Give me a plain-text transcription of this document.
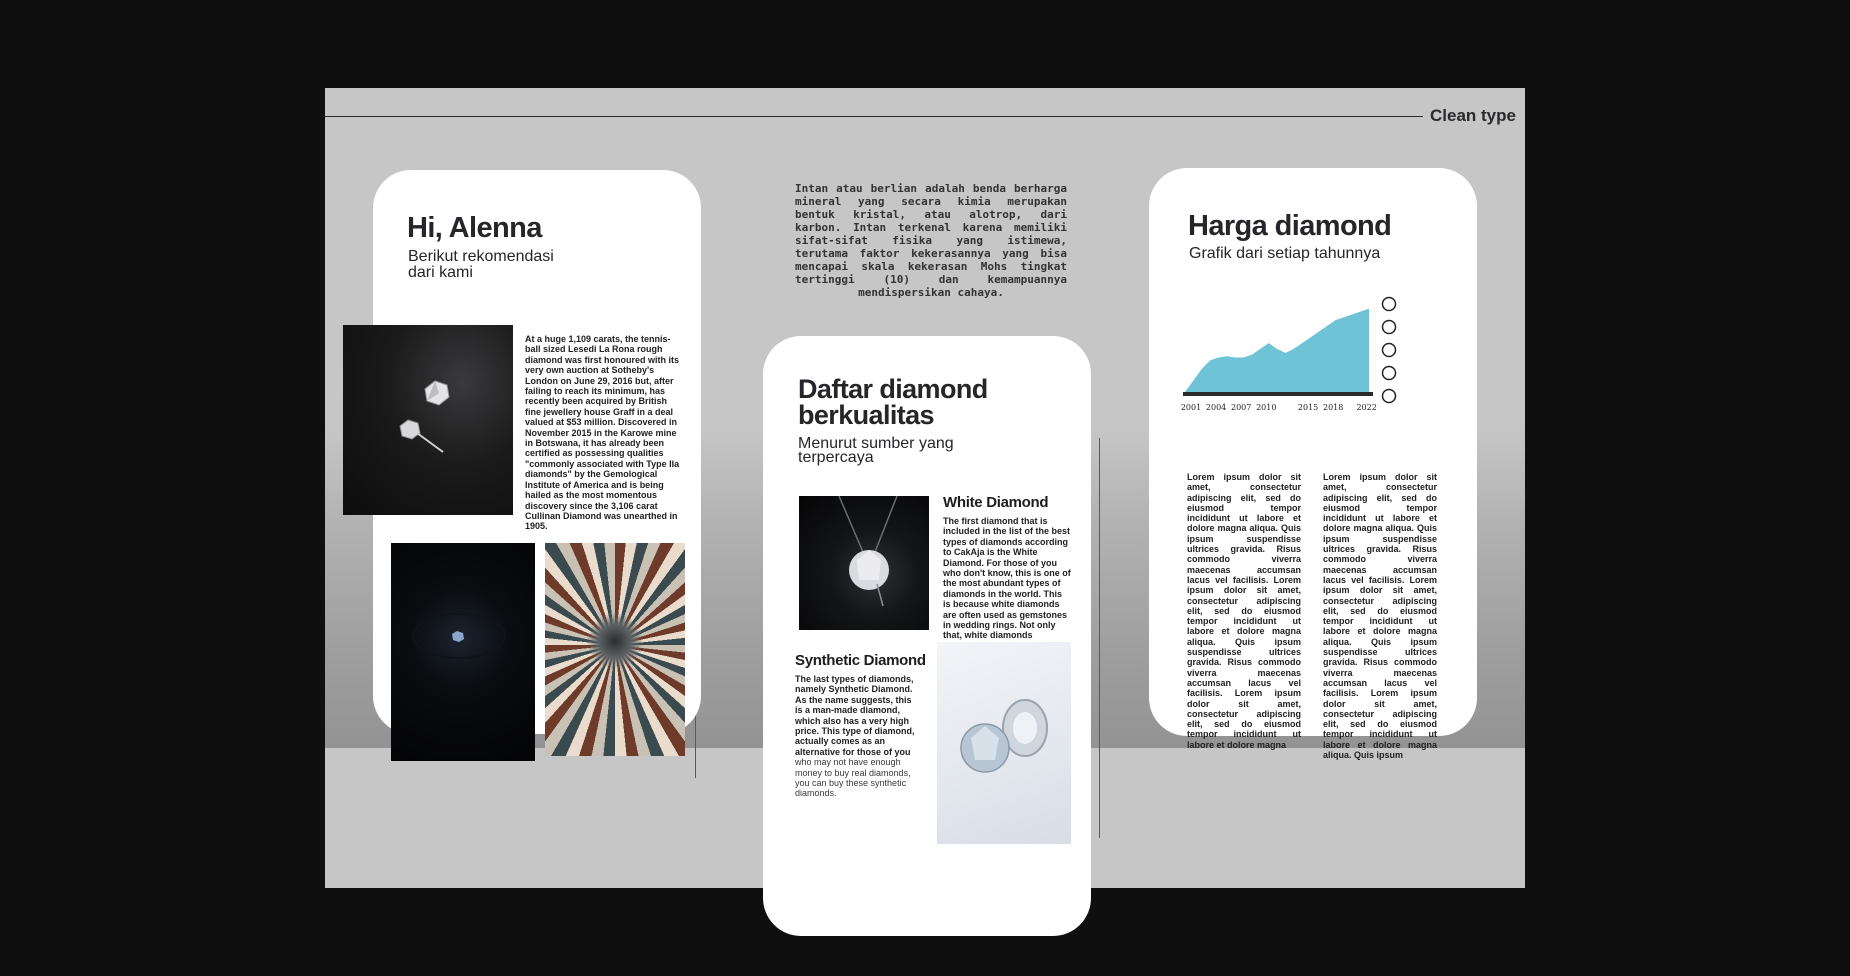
Clean type
Intan atau berlian adalah benda berharga mineral yang secara kimia merupakan bentuk kristal, atau alotrop, dari karbon. Intan terkenal karena memiliki sifat-sifat fisika yang istimewa, terutama faktor kekerasannya yang bisa mencapai skala kekerasan Mohs tingkat tertinggi (10) dan kemampuannya mendispersikan cahaya.
Hi, Alenna
Berikut rekomendasi
dari kami
At a huge 1,109 carats, the tennis-ball sized Lesedi La Rona rough diamond was first honoured with its very own auction at Sotheby's London on June 29, 2016 but, after failing to reach its minimum, has recently been acquired by British fine jewellery house Graff in a deal valued at $53 million. Discovered in November 2015 in the Karowe mine in Botswana, it has already been certified as possessing qualities "commonly associated with Type IIa diamonds" by the Gemological Institute of America and is being hailed as the most momentous discovery since the 3,106 carat Cullinan Diamond was unearthed in 1905.
Daftar diamond
berkualitas
Menurut sumber yang
terpercaya
White Diamond
The first diamond that is included in the list of the best types of diamonds according to CakAja is the White Diamond. For those of you who don't know, this is one of the most abundant types of diamonds in the world. This is because white diamonds are often used as gemstones in wedding rings. Not only that, white diamonds
Synthetic Diamond
The last types of diamonds, namely Synthetic Diamond. As the name suggests, this is a man-made diamond, which also has a very high price. This type of diamond, actually comes as an alternative for those of you who may not have enough money to buy real diamonds, you can buy these synthetic diamonds.
Harga diamond
Grafik dari setiap tahunnya
2001 2004 2007 2010	2015 2018 2022
Lorem ipsum dolor sit amet, consectetur adipiscing elit, sed do eiusmod tempor incididunt ut labore et dolore magna aliqua. Quis ipsum suspendisse ultrices gravida. Risus commodo viverra maecenas accumsan lacus vel facilisis. Lorem ipsum dolor sit amet, consectetur adipiscing elit, sed do eiusmod tempor incididunt ut labore et dolore magna aliqua. Quis ipsum suspendisse ultrices gravida. Risus commodo viverra maecenas accumsan lacus vel facilisis. Lorem ipsum dolor sit amet, consectetur adipiscing elit, sed do eiusmod tempor incididunt ut labore et dolore magna
Lorem ipsum dolor sit amet, consectetur adipiscing elit, sed do eiusmod tempor incididunt ut labore et dolore magna aliqua. Quis ipsum suspendisse ultrices gravida. Risus commodo viverra maecenas accumsan lacus vel facilisis. Lorem ipsum dolor sit amet, consectetur adipiscing elit, sed do eiusmod tempor incididunt ut labore et dolore magna aliqua. Quis ipsum suspendisse ultrices gravida. Risus commodo viverra maecenas accumsan lacus vel facilisis. Lorem ipsum dolor sit amet, consectetur adipiscing elit, sed do eiusmod tempor incididunt ut labore et dolore magna aliqua. Quis ipsum
